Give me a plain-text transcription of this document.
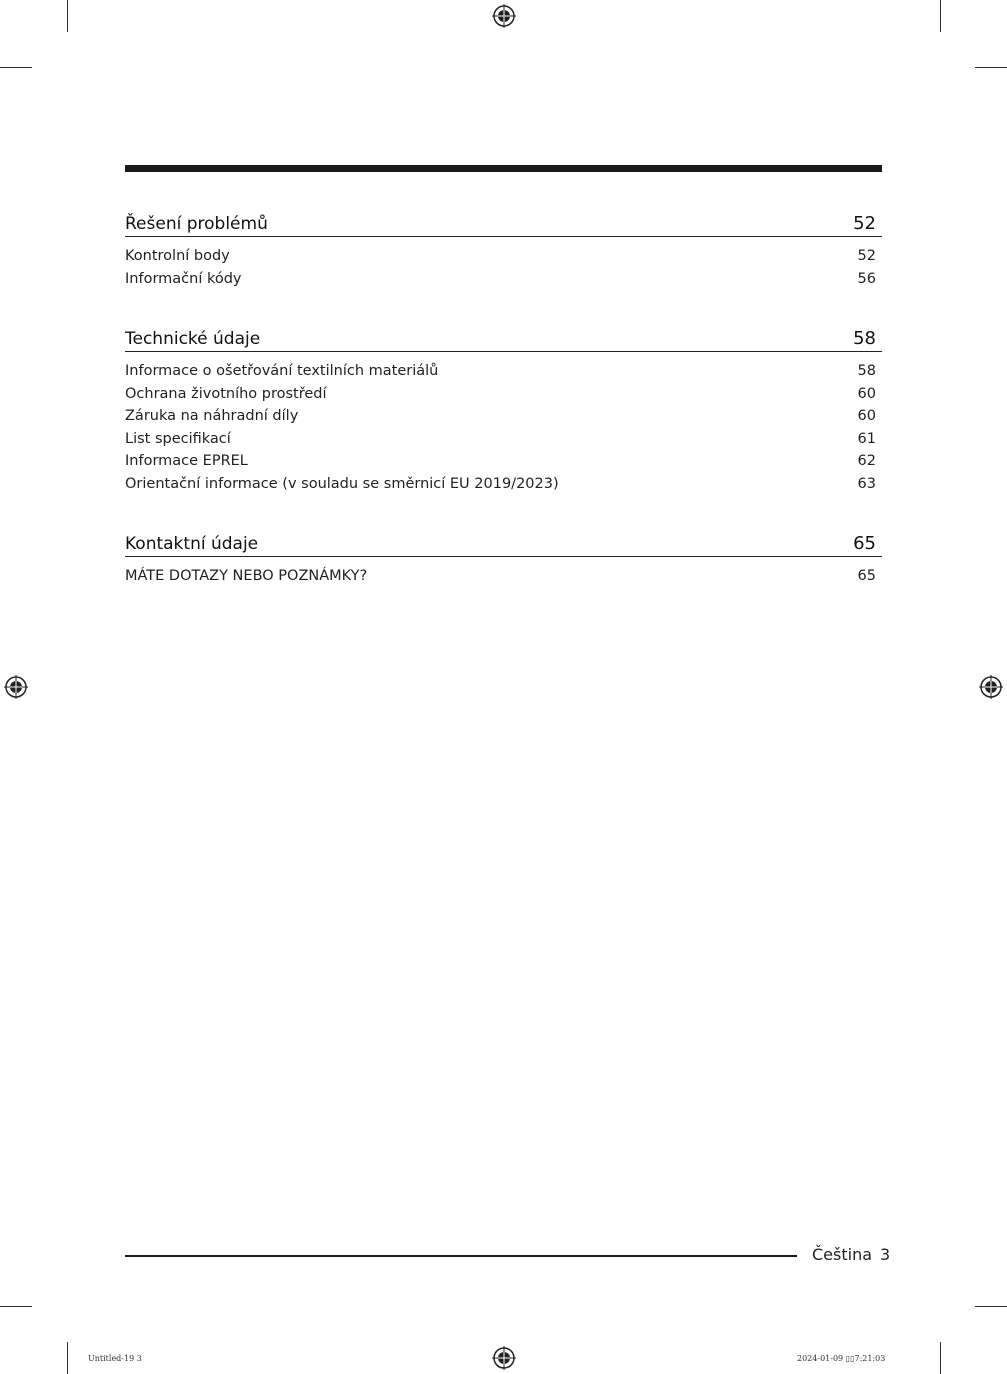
Řešení problémů	52
Kontrolní body	52
Informační kódy	56
Technické údaje	58
Informace o ošetřování textilních materiálů	58
Ochrana životního prostředí	60
Záruka na náhradní díly	60
List specifikací	61
Informace EPREL	62
Orientační informace (v souladu se směrnicí EU 2019/2023)	63
Kontaktní údaje	65
MÁTE DOTAZY NEBO POZNÁMKY?	65
Čeština 3
Untitled-19 3	2024-01-09 ▯▯7:21:03
